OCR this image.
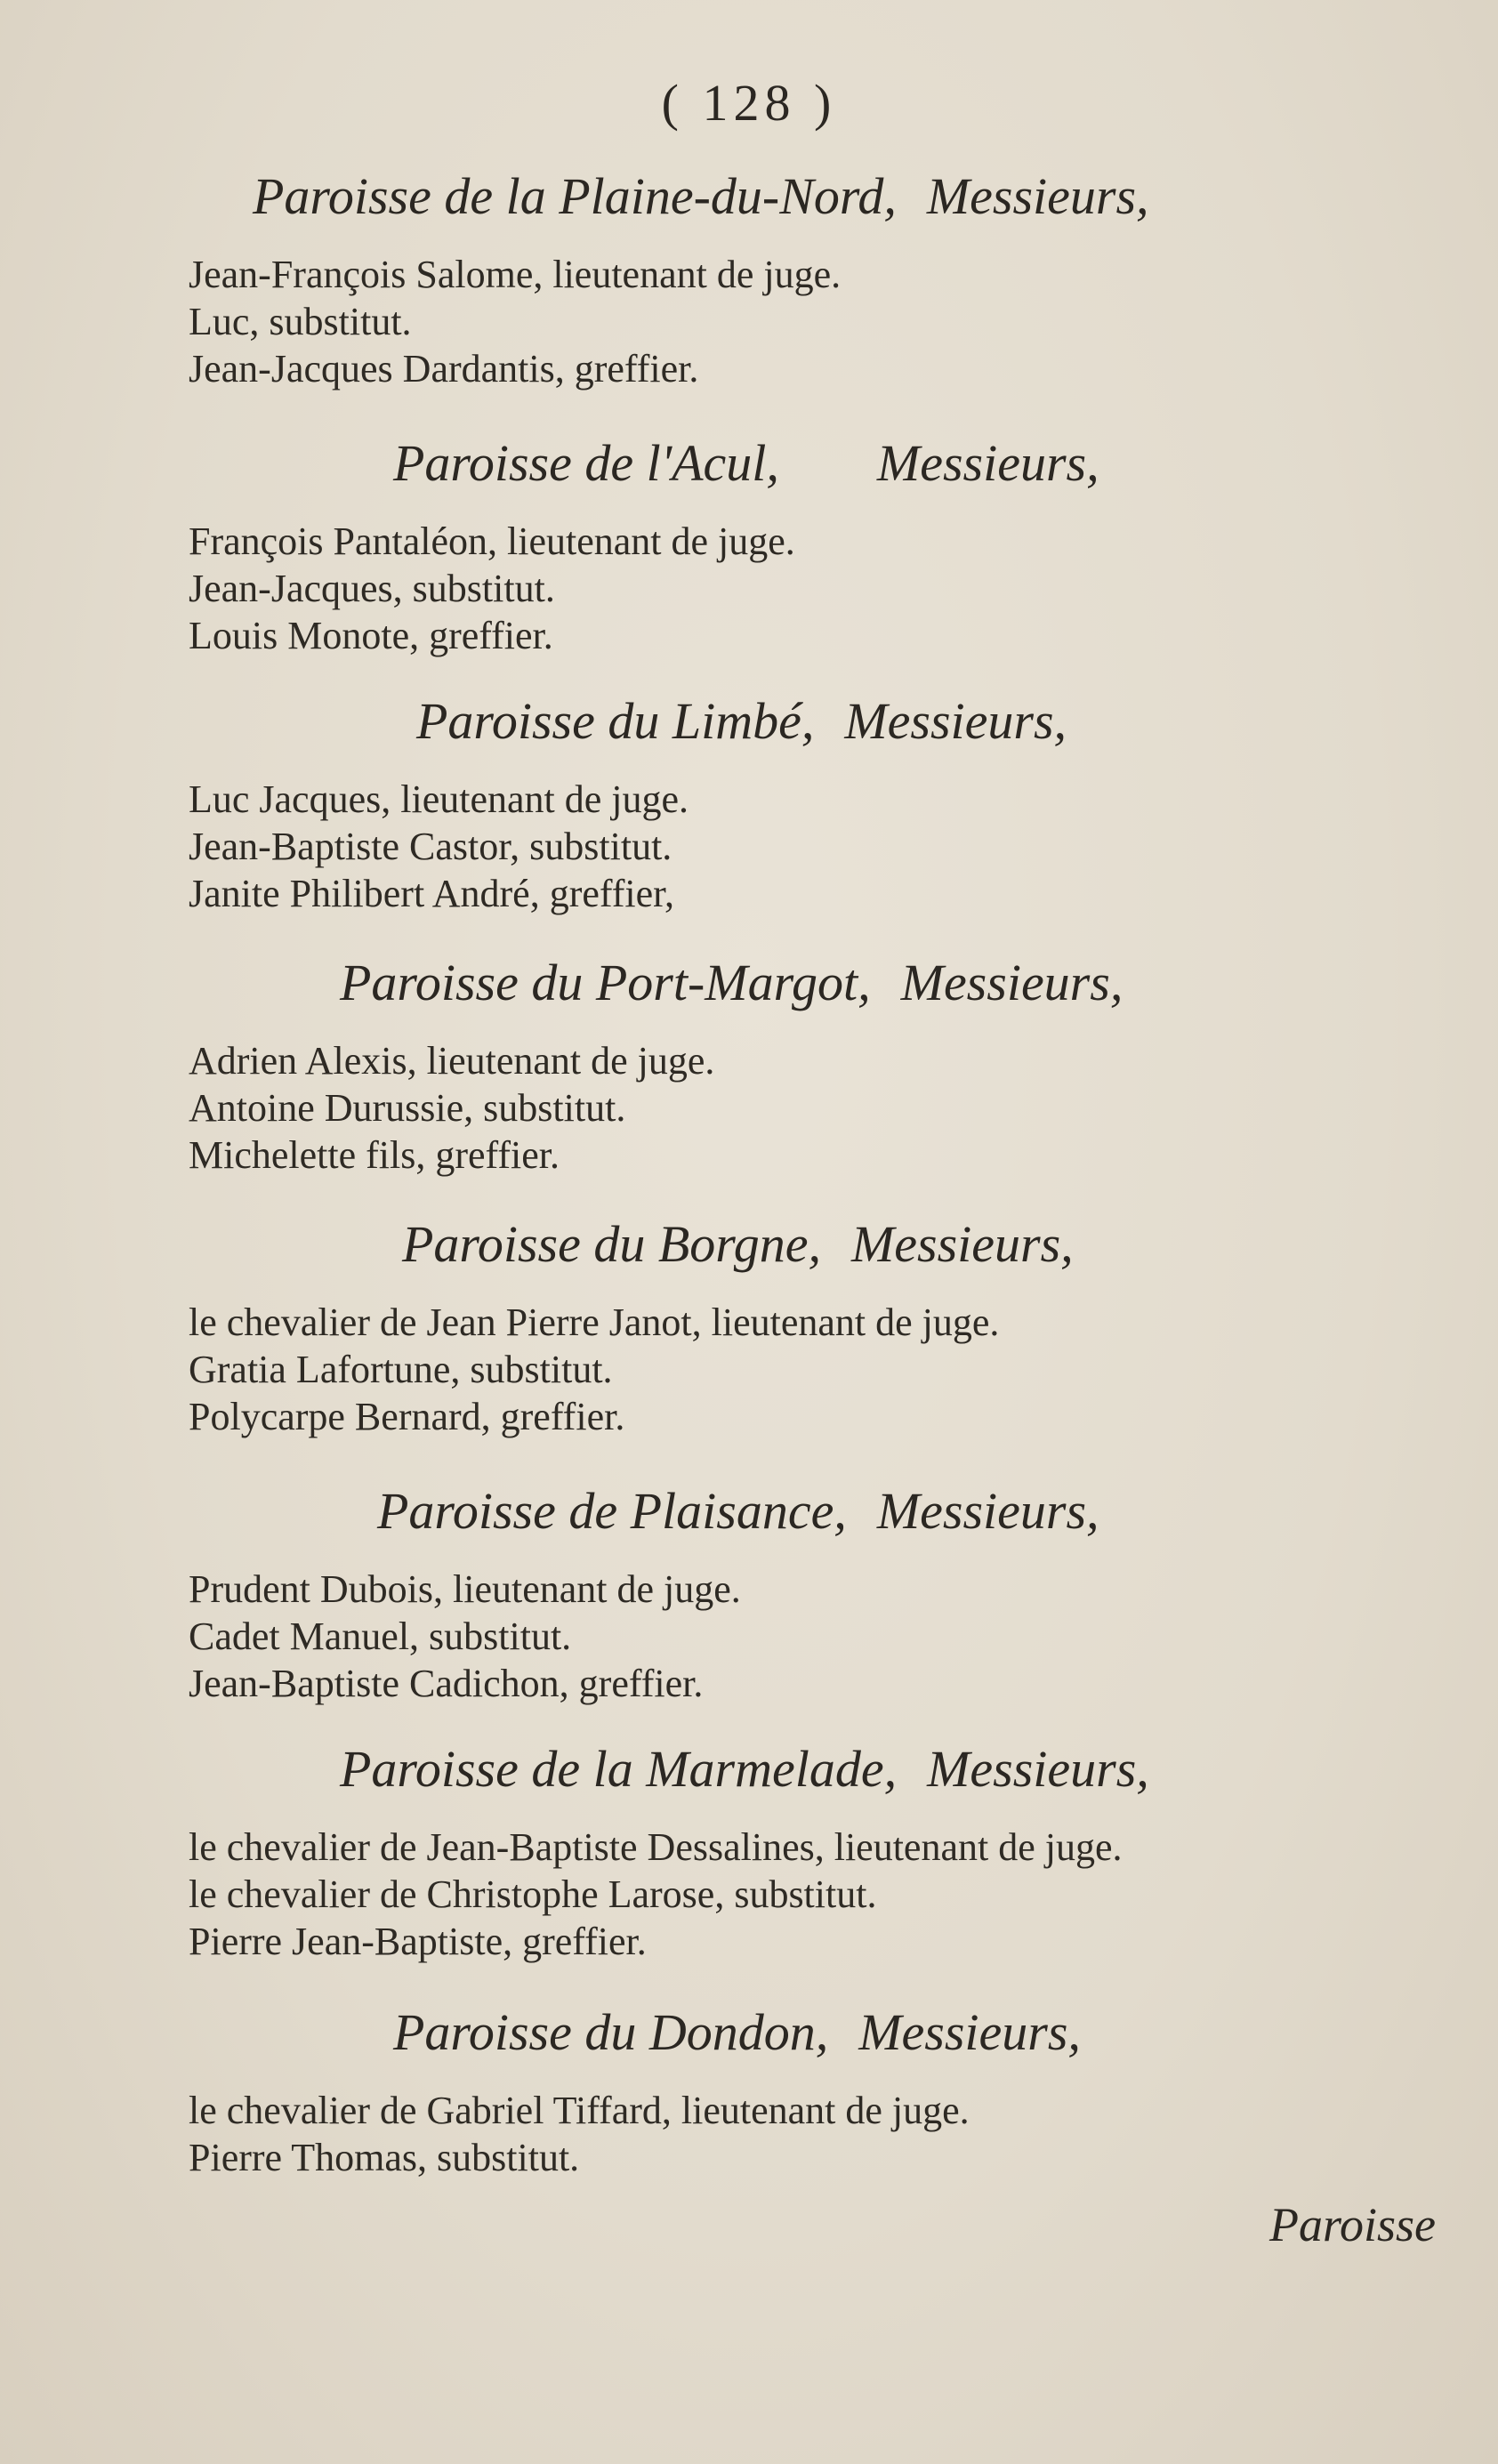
( 128 )
Paroisse de la Plaine-du-Nord, Messieurs,
Jean-François Salome, lieutenant de juge.
Luc, substitut.
Jean-Jacques Dardantis, greffier.
Paroisse de l'Acul, Messieurs,
François Pantaléon, lieutenant de juge.
Jean-Jacques, substitut.
Louis Monote, greffier.
Paroisse du Limbé, Messieurs,
Luc Jacques, lieutenant de juge.
Jean-Baptiste Castor, substitut.
Janite Philibert André, greffier,
Paroisse du Port-Margot, Messieurs,
Adrien Alexis, lieutenant de juge.
Antoine Durussie, substitut.
Michelette fils, greffier.
Paroisse du Borgne, Messieurs,
le chevalier de Jean Pierre Janot, lieutenant de juge.
Gratia Lafortune, substitut.
Polycarpe Bernard, greffier.
Paroisse de Plaisance, Messieurs,
Prudent Dubois, lieutenant de juge.
Cadet Manuel, substitut.
Jean-Baptiste Cadichon, greffier.
Paroisse de la Marmelade, Messieurs,
le chevalier de Jean-Baptiste Dessalines, lieutenant de juge.
le chevalier de Christophe Larose, substitut.
Pierre Jean-Baptiste, greffier.
Paroisse du Dondon, Messieurs,
le chevalier de Gabriel Tiffard, lieutenant de juge.
Pierre Thomas, substitut.
Paroisse
